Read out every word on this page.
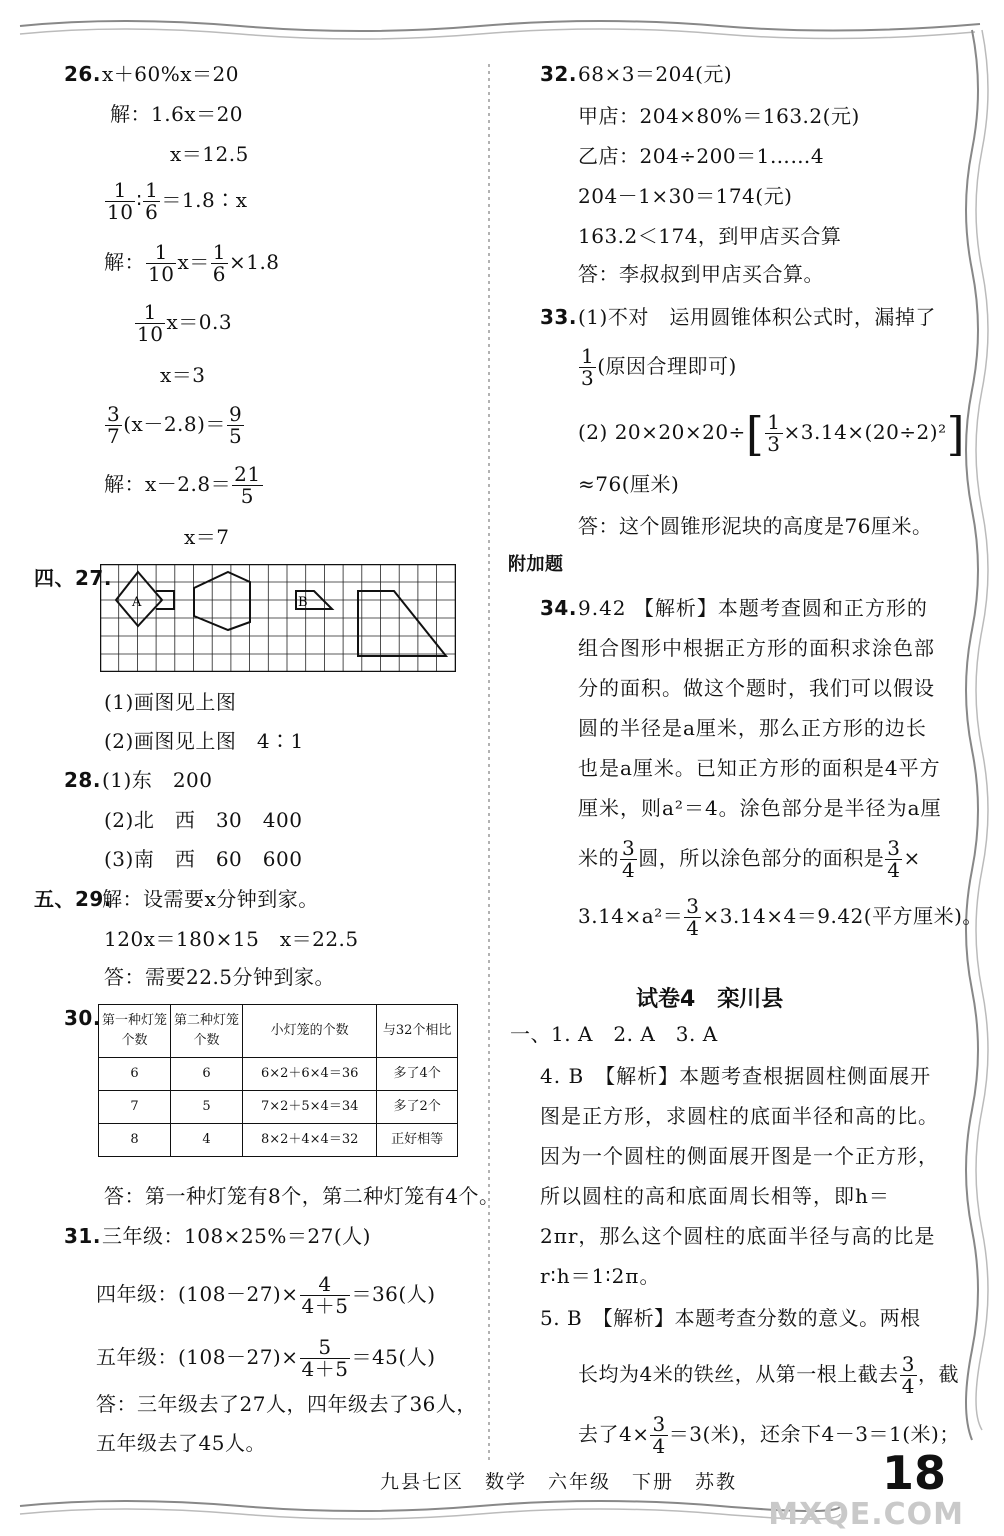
26. x＋60%x＝20
解：1.6x＝20
x＝12.5
$\frac{1}{10}$ ∶ $\frac{1}{6}$ ＝1.8∶x
解： $\frac{1}{10} x= \frac{1}{6} \times 1.8$
$\frac{1}{10} x=0.3$
x＝3
$\frac{3}{7} (x-2.8)= \frac{9}{5}$
解：$x-2.8= \frac{21}{5}$
x＝7
四、27.
A	B
(1)画图见上图
(2)画图见上图　4∶1
28. (1)东　200
(2)北　西　30　400
(3)南　西　60　600
五、29.
解：设需要x分钟到家。
120x＝180×15　x＝22.5
答：需要22.5分钟到家。
30. 第一种灯笼个数	第二种灯笼个数	小灯笼的个数	与32个相比
6	6	6×2＋6×4＝36	多了4个
7	5	7×2＋5×4＝34	多了2个
8	4	8×2＋4×4＝32	正好相等
答：第一种灯笼有8个，第二种灯笼有4个。
31. 三年级：108×25%＝27(人)
四年级：$(108-27)\times \frac{4}{4+5} =36$(人)
五年级：$(108-27)\times \frac{5}{4+5} =45$(人)
答：三年级去了27人，四年级去了36人，
五年级去了45人。
32. 68×3＝204(元)
甲店：204×80%＝163.2(元)
乙店：204÷200＝1……4
204－1×30＝174(元)
163.2＜174，到甲店买合算
答：李叔叔到甲店买合算。
33. (1)不对　运用圆锥体积公式时，漏掉了
$\frac{1}{3}$ (原因合理即可)
(2) $20\times 20\times 20\div[ \frac{1}{3} \times 3.14\times(20\div 2)^2]$
≈76(厘米)
答：这个圆锥形泥块的高度是76厘米。
附加题
34. 9.42 【解析】本题考查圆和正方形的组合图形中根据正方形的面积求涂色部分的面积。做这个题时，我们可以假设圆的半径是a厘米，那么正方形的边长也是a厘米。已知正方形的面积是4平方厘米，则a²＝4。涂色部分是半径为a厘
米的 $\frac{3}{4}$ 圆，所以涂色部分的面积是 $\frac{3}{4}$ ×
$3.14\times a^2= \frac{3}{4} \times 3.14\times 4=9.42$(平方厘米)。
试卷4　栾川县
一、1. A　2. A　3. A
4. B　【解析】本题考查根据圆柱侧面展开图是正方形，求圆柱的底面半径和高的比。因为一个圆柱的侧面展开图是一个正方形，所以圆柱的高和底面周长相等，即h＝2πr，那么这个圆柱的底面半径与高的比是r∶h＝1∶2π。
5. B　【解析】本题考查分数的意义。两根
长均为4米的铁丝，从第一根上截去 $\frac{3}{4}$ ，截
去了$4\times \frac{3}{4} =3$(米)，还余下4－3＝1(米)；
九县七区　数学　六年级　下册　苏教	18
MXQE.COM
